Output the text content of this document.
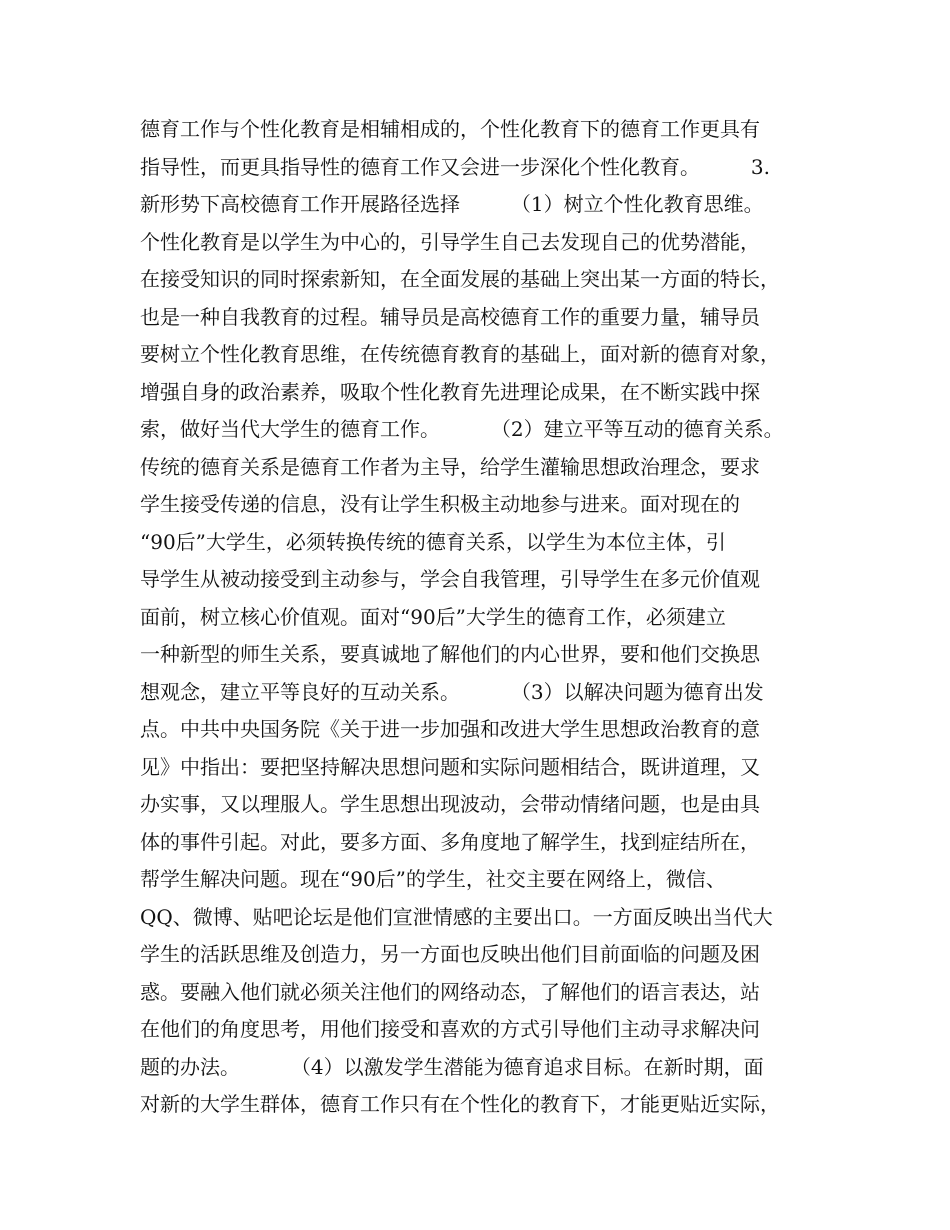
德育工作与个性化教育是相辅相成的，个性化教育下的德育工作更具有
指导性，而更具指导性的德育工作又会进一步深化个性化教育。        3.
新形势下高校德育工作开展路径选择        （1）树立个性化教育思维。
个性化教育是以学生为中心的，引导学生自己去发现自己的优势潜能，
在接受知识的同时探索新知，在全面发展的基础上突出某一方面的特长，
也是一种自我教育的过程。辅导员是高校德育工作的重要力量，辅导员
要树立个性化教育思维，在传统德育教育的基础上，面对新的德育对象，
增强自身的政治素养，吸取个性化教育先进理论成果，在不断实践中探
索，做好当代大学生的德育工作。        （2）建立平等互动的德育关系。
传统的德育关系是德育工作者为主导，给学生灌输思想政治理念，要求
学生接受传递的信息，没有让学生积极主动地参与进来。面对现在的
“90后”大学生，必须转换传统的德育关系，以学生为本位主体，引
导学生从被动接受到主动参与，学会自我管理，引导学生在多元价值观
面前，树立核心价值观。面对“90后”大学生的德育工作，必须建立
一种新型的师生关系，要真诚地了解他们的内心世界，要和他们交换思
想观念，建立平等良好的互动关系。        （3）以解决问题为德育出发
点。中共中央国务院《关于进一步加强和改进大学生思想政治教育的意
见》中指出：要把坚持解决思想问题和实际问题相结合，既讲道理，又
办实事，又以理服人。学生思想出现波动，会带动情绪问题，也是由具
体的事件引起。对此，要多方面、多角度地了解学生，找到症结所在，
帮学生解决问题。现在“90后”的学生，社交主要在网络上，微信、
QQ、微博、贴吧论坛是他们宣泄情感的主要出口。一方面反映出当代大
学生的活跃思维及创造力，另一方面也反映出他们目前面临的问题及困
惑。要融入他们就必须关注他们的网络动态，了解他们的语言表达，站
在他们的角度思考，用他们接受和喜欢的方式引导他们主动寻求解决问
题的办法。        （4）以激发学生潜能为德育追求目标。在新时期，面
对新的大学生群体，德育工作只有在个性化的教育下，才能更贴近实际，
